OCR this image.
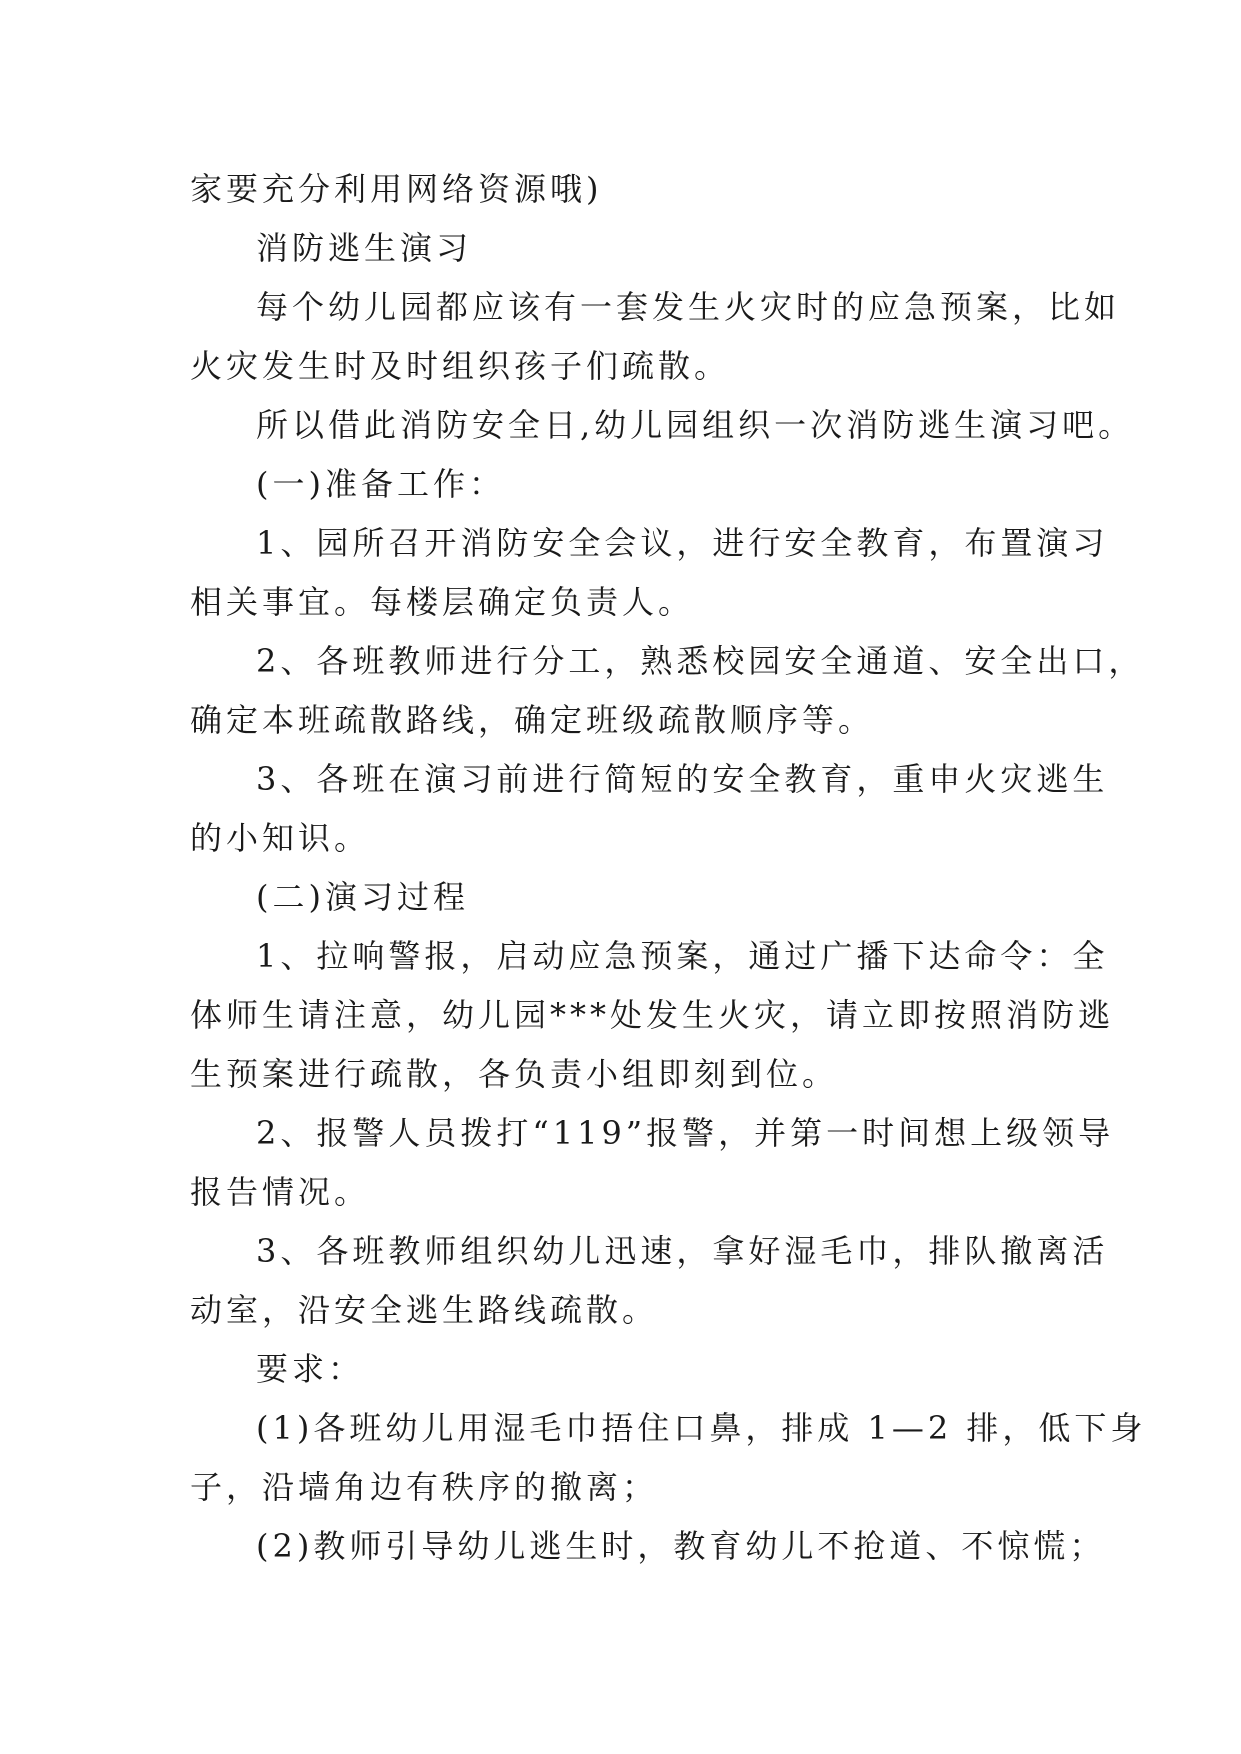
家要充分利用网络资源哦)
消防逃生演习
每个幼儿园都应该有一套发生火灾时的应急预案，比如
火灾发生时及时组织孩子们疏散。
所以借此消防安全日,幼儿园组织一次消防逃生演习吧。
(一)准备工作：
1、园所召开消防安全会议，进行安全教育，布置演习
相关事宜。每楼层确定负责人。
2、各班教师进行分工，熟悉校园安全通道、安全出口，
确定本班疏散路线，确定班级疏散顺序等。
3、各班在演习前进行简短的安全教育，重申火灾逃生
的小知识。
(二)演习过程
1、拉响警报，启动应急预案，通过广播下达命令：全
体师生请注意，幼儿园***处发生火灾，请立即按照消防逃
生预案进行疏散，各负责小组即刻到位。
2、报警人员拨打“119”报警，并第一时间想上级领导
报告情况。
3、各班教师组织幼儿迅速，拿好湿毛巾，排队撤离活
动室，沿安全逃生路线疏散。
要求：
(1)各班幼儿用湿毛巾捂住口鼻，排成 1—2 排，低下身
子，沿墙角边有秩序的撤离；
(2)教师引导幼儿逃生时，教育幼儿不抢道、不惊慌；
